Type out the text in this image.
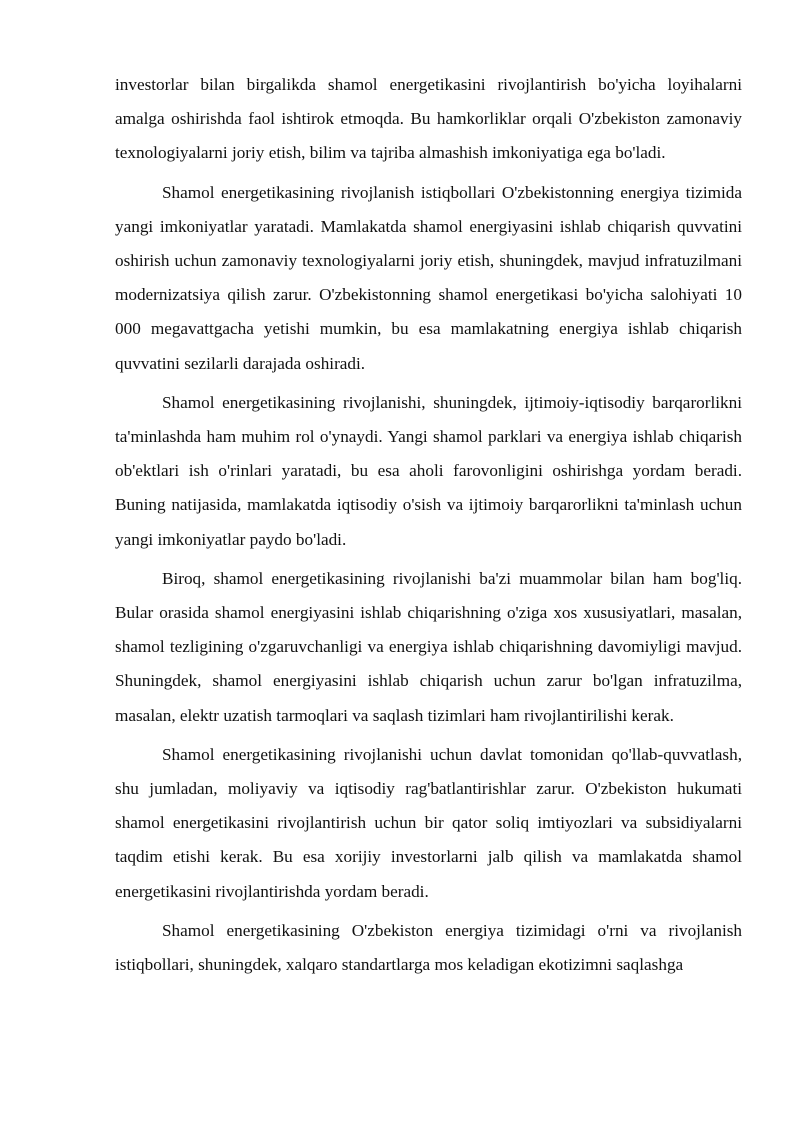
investorlar bilan birgalikda shamol energetikasini rivojlantirish bo'yicha loyihalarni amalga oshirishda faol ishtirok etmoqda. Bu hamkorliklar orqali O'zbekiston zamonaviy texnologiyalarni joriy etish, bilim va tajriba almashish imkoniyatiga ega bo'ladi.

Shamol energetikasining rivojlanish istiqbollari O'zbekistonning energiya tizimida yangi imkoniyatlar yaratadi. Mamlakatda shamol energiyasini ishlab chiqarish quvvatini oshirish uchun zamonaviy texnologiyalarni joriy etish, shuningdek, mavjud infratuzilmani modernizatsiya qilish zarur. O'zbekistonning shamol energetikasi bo'yicha salohiyati 10 000 megavattgacha yetishi mumkin, bu esa mamlakatning energiya ishlab chiqarish quvvatini sezilarli darajada oshiradi.

Shamol energetikasining rivojlanishi, shuningdek, ijtimoiy-iqtisodiy barqarorlikni ta'minlashda ham muhim rol o'ynaydi. Yangi shamol parklari va energiya ishlab chiqarish ob'ektlari ish o'rinlari yaratadi, bu esa aholi farovonligini oshirishga yordam beradi. Buning natijasida, mamlakatda iqtisodiy o'sish va ijtimoiy barqarorlikni ta'minlash uchun yangi imkoniyatlar paydo bo'ladi.

Biroq, shamol energetikasining rivojlanishi ba'zi muammolar bilan ham bog'liq. Bular orasida shamol energiyasini ishlab chiqarishning o'ziga xos xususiyatlari, masalan, shamol tezligining o'zgaruvchanligi va energiya ishlab chiqarishning davomiyligi mavjud. Shuningdek, shamol energiyasini ishlab chiqarish uchun zarur bo'lgan infratuzilma, masalan, elektr uzatish tarmoqlari va saqlash tizimlari ham rivojlantirilishi kerak.

Shamol energetikasining rivojlanishi uchun davlat tomonidan qo'llab-quvvatlash, shu jumladan, moliyaviy va iqtisodiy rag'batlantirishlar zarur. O'zbekiston hukumati shamol energetikasini rivojlantirish uchun bir qator soliq imtiyozlari va subsidiyalarni taqdim etishi kerak. Bu esa xorijiy investorlarni jalb qilish va mamlakatda shamol energetikasini rivojlantirishda yordam beradi.

Shamol energetikasining O'zbekiston energiya tizimidagi o'rni va rivojlanish istiqbollari, shuningdek, xalqaro standartlarga mos keladigan ekotizimni saqlashga
